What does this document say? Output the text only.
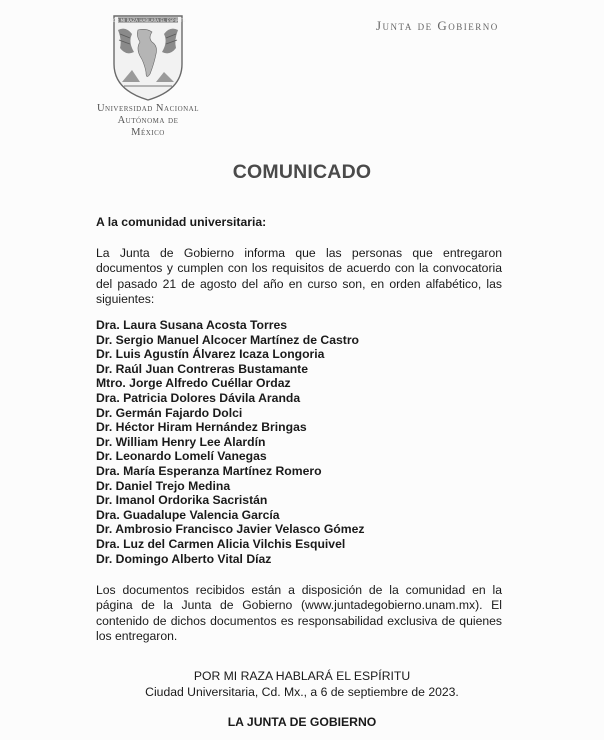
POR MI RAZA HABLARA EL ESPIRITU
Universidad Nacional
Autónoma de
México
Junta de Gobierno
COMUNICADO
A la comunidad universitaria:
La Junta de Gobierno informa que las personas que entregaron documentos y cumplen con los requisitos de acuerdo con la convocatoria del pasado 21 de agosto del año en curso son, en orden alfabético, las siguientes:
Dra. Laura Susana Acosta Torres
Dr. Sergio Manuel Alcocer Martínez de Castro
Dr. Luis Agustín Álvarez Icaza Longoria
Dr. Raúl Juan Contreras Bustamante
Mtro. Jorge Alfredo Cuéllar Ordaz
Dra. Patricia Dolores Dávila Aranda
Dr. Germán Fajardo Dolci
Dr. Héctor Hiram Hernández Bringas
Dr. William Henry Lee Alardín
Dr. Leonardo Lomelí Vanegas
Dra. María Esperanza Martínez Romero
Dr. Daniel Trejo Medina
Dr. Imanol Ordorika Sacristán
Dra. Guadalupe Valencia García
Dr. Ambrosio Francisco Javier Velasco Gómez
Dra. Luz del Carmen Alicia Vilchis Esquivel
Dr. Domingo Alberto Vital Díaz
Los documentos recibidos están a disposición de la comunidad en la página de la Junta de Gobierno (www.juntadegobierno.unam.mx). El contenido de dichos documentos es responsabilidad exclusiva de quienes los entregaron.
POR MI RAZA HABLARÁ EL ESPÍRITU
Ciudad Universitaria, Cd. Mx., a 6 de septiembre de 2023.
LA JUNTA DE GOBIERNO
